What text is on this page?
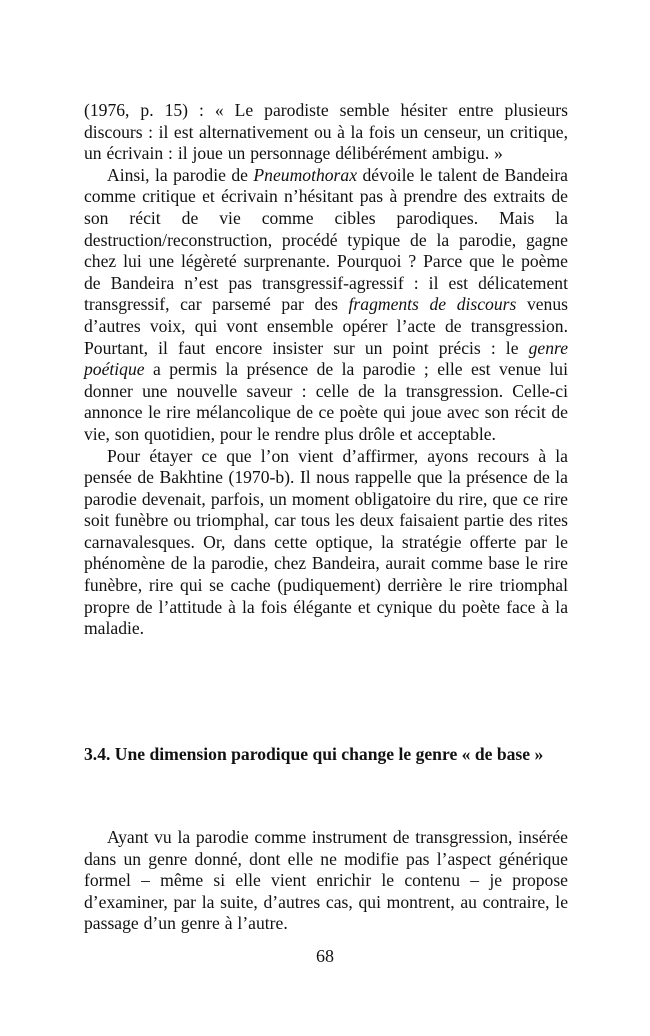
(1976, p. 15) : « Le parodiste semble hésiter entre plusieurs discours : il est alternativement ou à la fois un censeur, un critique, un écrivain : il joue un personnage délibérément ambigu. »

Ainsi, la parodie de Pneumothorax dévoile le talent de Bandeira comme critique et écrivain n’hésitant pas à prendre des extraits de son récit de vie comme cibles parodiques. Mais la destruction/reconstruction, procédé typique de la parodie, gagne chez lui une légèreté surprenante. Pourquoi ? Parce que le poème de Bandeira n’est pas transgressif-agressif : il est délicatement transgressif, car parsemé par des fragments de discours venus d’autres voix, qui vont ensemble opérer l’acte de transgression. Pourtant, il faut encore insister sur un point précis : le genre poétique a permis la présence de la parodie ; elle est venue lui donner une nouvelle saveur : celle de la transgression. Celle-ci annonce le rire mélancolique de ce poète qui joue avec son récit de vie, son quotidien, pour le rendre plus drôle et acceptable.

Pour étayer ce que l’on vient d’affirmer, ayons recours à la pensée de Bakhtine (1970-b). Il nous rappelle que la présence de la parodie devenait, parfois, un moment obligatoire du rire, que ce rire soit funèbre ou triomphal, car tous les deux faisaient partie des rites carnavalesques. Or, dans cette optique, la stratégie offerte par le phénomène de la parodie, chez Bandeira, aurait comme base le rire funèbre, rire qui se cache (pudiquement) derrière le rire triomphal propre de l’attitude à la fois élégante et cynique du poète face à la maladie.

3.4. Une dimension parodique qui change le genre « de base »

Ayant vu la parodie comme instrument de transgression, insérée dans un genre donné, dont elle ne modifie pas l’aspect générique formel – même si elle vient enrichir le contenu – je propose d’examiner, par la suite, d’autres cas, qui montrent, au contraire, le passage d’un genre à l’autre.

68
